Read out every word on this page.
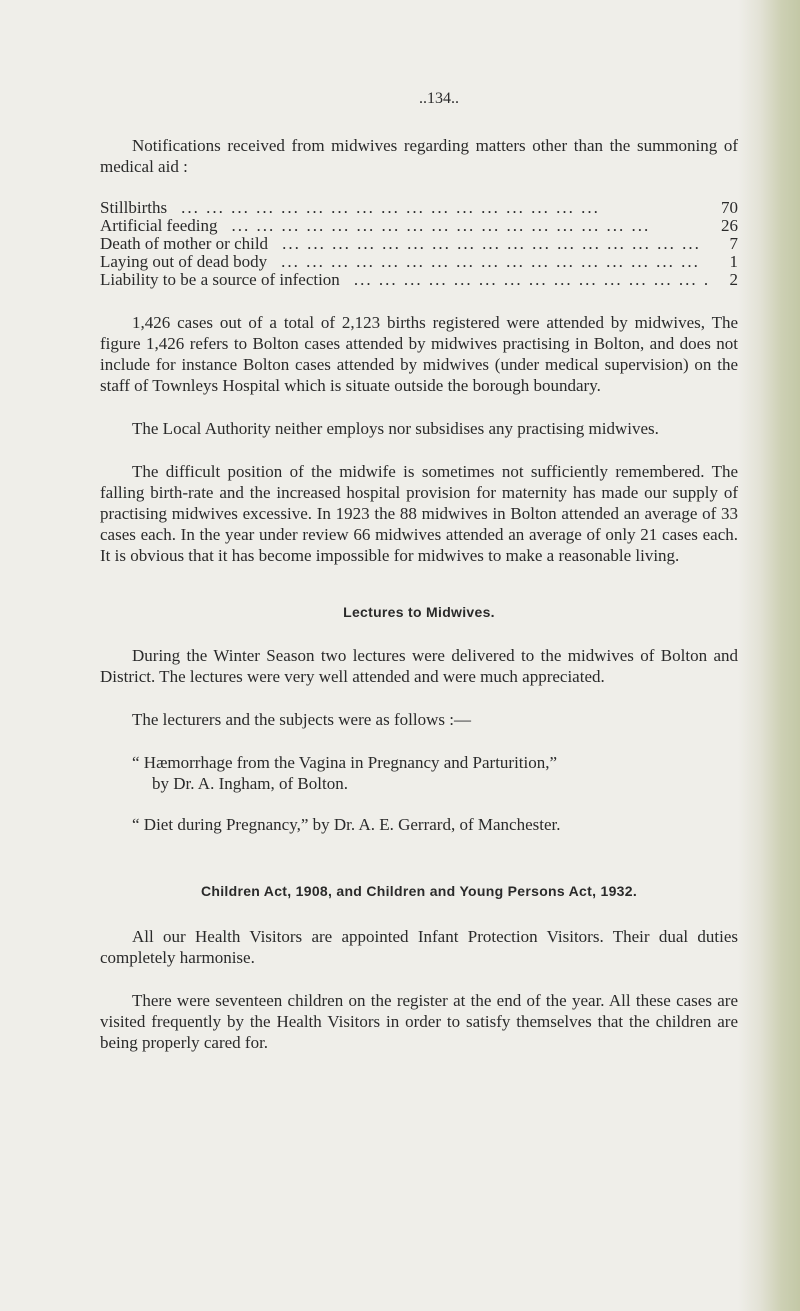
..134..

Notifications received from midwives regarding matters other than the summoning of medical aid :

Stillbirths ... .	70
Artificial feeding ... .	26
Death of mother or child ... .	7
Laying out of dead body ... .	1
Liability to be a source of infection ... .	2

1,426 cases out of a total of 2,123 births registered were attended by midwives, The figure 1,426 refers to Bolton cases attended by midwives practising in Bolton, and does not include for instance Bolton cases attended by midwives (under medical supervision) on the staff of Townleys Hospital which is situate outside the borough boundary.

The Local Authority neither employs nor subsidises any practising midwives.

The difficult position of the midwife is sometimes not sufficiently remembered. The falling birth-rate and the increased hospital provision for maternity has made our supply of practising midwives excessive. In 1923 the 88 midwives in Bolton attended an average of 33 cases each. In the year under review 66 midwives attended an average of only 21 cases each. It is obvious that it has become impossible for midwives to make a reasonable living.

Lectures to Midwives.

During the Winter Season two lectures were delivered to the midwives of Bolton and District. The lectures were very well attended and were much appreciated.

The lecturers and the subjects were as follows :—

“ Hæmorrhage from the Vagina in Pregnancy and Parturition,”
by Dr. A. Ingham, of Bolton.
“ Diet during Pregnancy,” by Dr. A. E. Gerrard, of Manchester.
Children Act, 1908, and Children and Young Persons Act, 1932.

All our Health Visitors are appointed Infant Protection Visitors. Their dual duties completely harmonise.

There were seventeen children on the register at the end of the year. All these cases are visited frequently by the Health Visitors in order to satisfy themselves that the children are being properly cared for.
